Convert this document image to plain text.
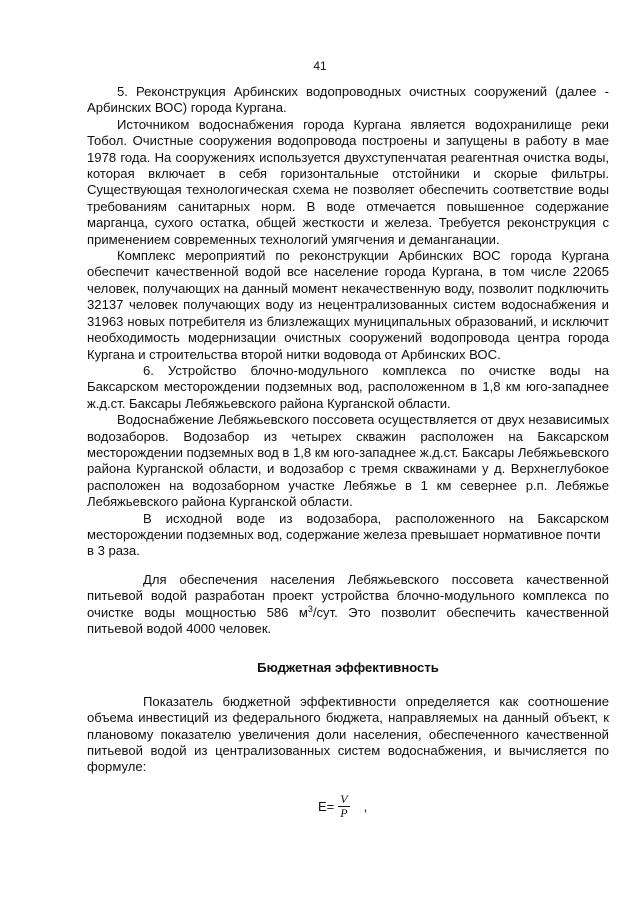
41

5. Реконструкция Арбинских водопроводных очистных сооружений (далее - Арбинских ВОС) города Кургана.

Источником водоснабжения города Кургана является водохранилище реки Тобол. Очистные сооружения водопровода построены и запущены в работу в мае 1978 года. На сооружениях используется двухступенчатая реагентная очистка воды, которая включает в себя горизонтальные отстойники и скорые фильтры. Существующая технологическая схема не позволяет обеспечить соответствие воды требованиям санитарных норм. В воде отмечается повышенное содержание марганца, сухого остатка, общей жесткости и железа. Требуется реконструкция с применением современных технологий умягчения и деманганации.

Комплекс мероприятий по реконструкции Арбинских ВОС города Кургана обеспечит качественной водой все население города Кургана, в том числе 22065 человек, получающих на данный момент некачественную воду, позволит подключить 32137 человек получающих воду из нецентрализованных систем водоснабжения и 31963 новых потребителя из близлежащих муниципальных образований, и исключит необходимость модернизации очистных сооружений водопровода центра города Кургана и строительства второй нитки водовода от Арбинских ВОС.

6. Устройство блочно-модульного комплекса по очистке воды на Баксарском месторождении подземных вод, расположенном в 1,8 км юго-западнее ж.д.ст. Баксары Лебяжьевского района Курганской области.

Водоснабжение Лебяжьевского поссовета осуществляется от двух независимых водозаборов. Водозабор из четырех скважин расположен на Баксарском месторождении подземных вод в 1,8 км юго-западнее ж.д.ст. Баксары Лебяжьевского района Курганской области, и водозабор с тремя скважинами у д. Верхнеглубокое расположен на водозаборном участке Лебяжье в 1 км севернее р.п. Лебяжье Лебяжьевского района Курганской области.

В исходной воде из водозабора, расположенного на Баксарском месторождении подземных вод, содержание железа превышает нормативное почти

в 3 раза.

Для обеспечения населения Лебяжьевского поссовета качественной питьевой водой разработан проект устройства блочно-модульного комплекса по очистке воды мощностью 586 $м^3$/сут. Это позволит обеспечить качественной питьевой водой 4000 человек.

Бюджетная эффективность

Показатель бюджетной эффективности определяется как соотношение объема инвестиций из федерального бюджета, направляемых на данный объект, к плановому показателю увеличения доли населения, обеспеченного качественной питьевой водой из централизованных систем водоснабжения, и вычисляется по формуле:

$E= \frac{V}{P}$ ,
